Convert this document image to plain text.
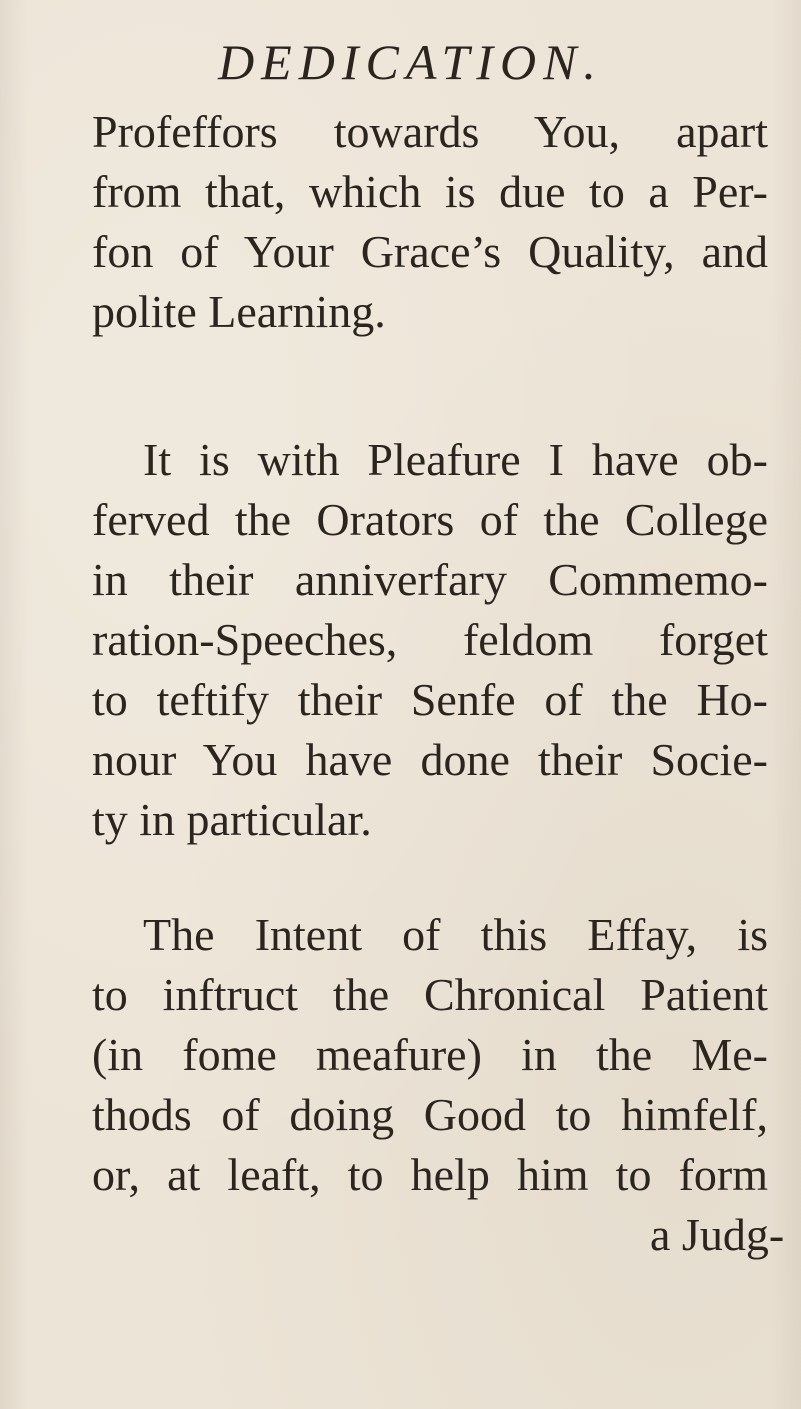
DEDICATION.
Profeffors towards You, apart
from that, which is due to a Per-
fon of Your Grace’s Quality, and
polite Learning.
It is with Pleafure I have ob-
ferved the Orators of the College
in their anniverfary Commemo-
ration-Speeches, feldom forget
to teftify their Senfe of the Ho-
nour You have done their Socie-
ty in particular.
The Intent of this Effay, is
to inftruct the Chronical Patient
(in fome meafure) in the Me-
thods of doing Good to himfelf,
or, at leaft, to help him to form
a Judg-
